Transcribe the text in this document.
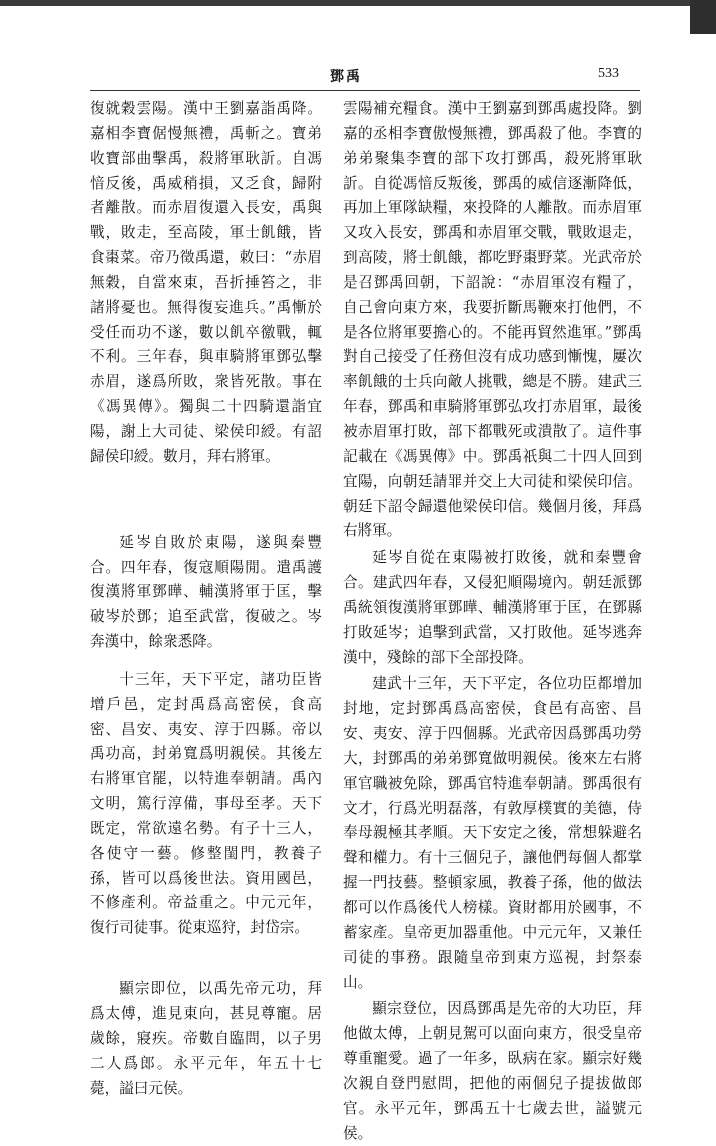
鄧禹	533

復就穀雲陽。漢中王劉嘉詣禹降。嘉相李寶倨慢無禮，禹斬之。寶弟收寶部曲擊禹，殺將軍耿訢。自馮愔反後，禹威稍損，又乏食，歸附者離散。而赤眉復還入長安，禹與戰，敗走，至高陵，軍士飢餓，皆食棗菜。帝乃徵禹還，敕曰：“赤眉無穀，自當來東，吾折捶笞之，非諸將憂也。無得復妄進兵。”禹慚於受任而功不遂，數以飢卒徼戰，輒不利。三年春，與車騎將軍鄧弘擊赤眉，遂爲所敗，衆皆死散。事在《馮異傳》。獨與二十四騎還詣宜陽，謝上大司徒、梁侯印綬。有詔歸侯印綬。數月，拜右將軍。

延岑自敗於東陽，遂與秦豐合。四年春，復寇順陽閒。遣禹護復漢將軍鄧曄、輔漢將軍于匡，擊破岑於鄧；追至武當，復破之。岑奔漢中，餘衆悉降。

十三年，天下平定，諸功臣皆增戶邑，定封禹爲高密侯，食高密、昌安、夷安、淳于四縣。帝以禹功高，封弟寬爲明親侯。其後左右將軍官罷，以特進奉朝請。禹內文明，篤行淳備，事母至孝。天下既定，常欲遠名勢。有子十三人，各使守一藝。修整閨門，教養子孫，皆可以爲後世法。資用國邑，不修產利。帝益重之。中元元年，復行司徒事。從東巡狩，封岱宗。

顯宗即位，以禹先帝元功，拜爲太傅，進見東向，甚見尊寵。居歲餘，寢疾。帝數自臨問，以子男二人爲郎。永平元年，年五十七薨，謚曰元侯。

雲陽補充糧食。漢中王劉嘉到鄧禹處投降。劉嘉的丞相李寶傲慢無禮，鄧禹殺了他。李寶的弟弟聚集李寶的部下攻打鄧禹，殺死將軍耿訢。自從馮愔反叛後，鄧禹的威信逐漸降低，再加上軍隊缺糧，來投降的人離散。而赤眉軍又攻入長安，鄧禹和赤眉軍交戰，戰敗退走，到高陵，將士飢餓，都吃野棗野菜。光武帝於是召鄧禹回朝，下詔說：“赤眉軍沒有糧了，自己會向東方來，我要折斷馬鞭來打他們，不是各位將軍要擔心的。不能再貿然進軍。”鄧禹對自己接受了任務但沒有成功感到慚愧，屢次率飢餓的士兵向敵人挑戰，總是不勝。建武三年春，鄧禹和車騎將軍鄧弘攻打赤眉軍，最後被赤眉軍打敗，部下都戰死或潰散了。這件事記載在《馮異傳》中。鄧禹祇與二十四人回到宜陽，向朝廷請罪并交上大司徒和梁侯印信。朝廷下詔令歸還他梁侯印信。幾個月後，拜爲右將軍。

延岑自從在東陽被打敗後，就和秦豐會合。建武四年春，又侵犯順陽境內。朝廷派鄧禹統領復漢將軍鄧曄、輔漢將軍于匡，在鄧縣打敗延岑；追擊到武當，又打敗他。延岑逃奔漢中，殘餘的部下全部投降。

建武十三年，天下平定，各位功臣都增加封地，定封鄧禹爲高密侯，食邑有高密、昌安、夷安、淳于四個縣。光武帝因爲鄧禹功勞大，封鄧禹的弟弟鄧寬做明親侯。後來左右將軍官職被免除，鄧禹官特進奉朝請。鄧禹很有文才，行爲光明磊落，有敦厚樸實的美德，侍奉母親極其孝順。天下安定之後，常想躲避名聲和權力。有十三個兒子，讓他們每個人都掌握一門技藝。整頓家風，教養子孫，他的做法都可以作爲後代人榜樣。資財都用於國事，不蓄家產。皇帝更加器重他。中元元年，又兼任司徒的事務。跟隨皇帝到東方巡視，封祭泰山。

顯宗登位，因爲鄧禹是先帝的大功臣，拜他做太傅，上朝見駕可以面向東方，很受皇帝尊重寵愛。過了一年多，臥病在家。顯宗好幾次親自登門慰問，把他的兩個兒子提拔做郎官。永平元年，鄧禹五十七歲去世，謚號元侯。
